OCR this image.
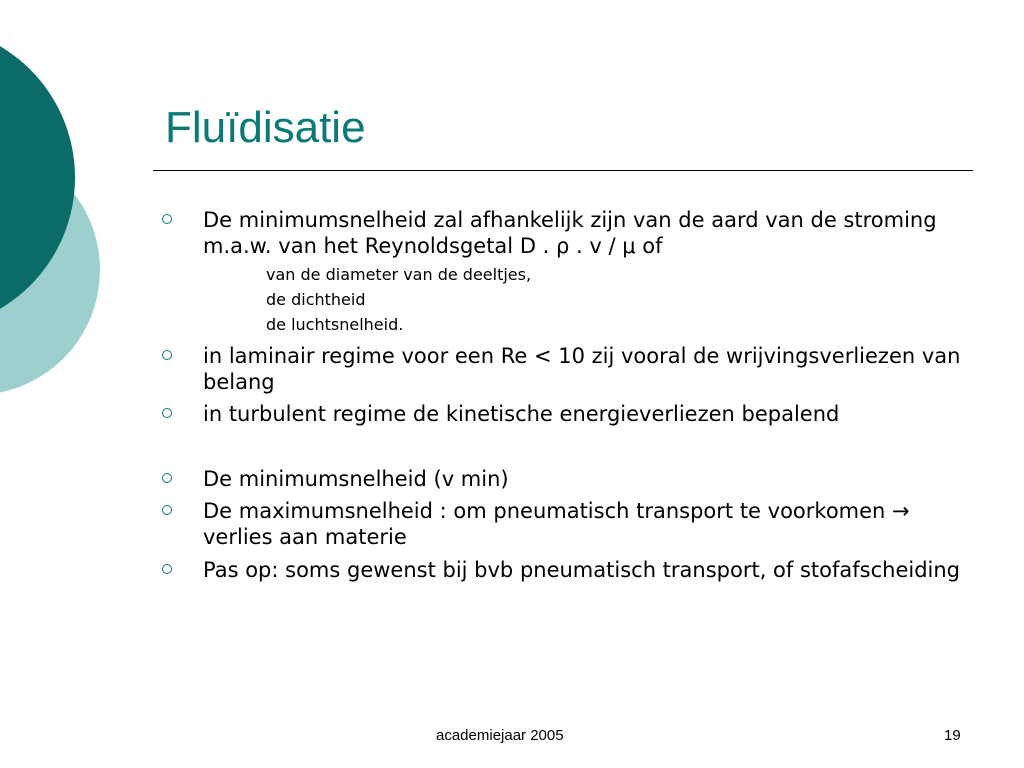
Fluïdisatie
De minimumsnelheid zal afhankelijk zijn van de aard van de stroming m.a.w. van het Reynoldsgetal D . ρ . v / μ of
van de diameter van de deeltjes,
de dichtheid
de luchtsnelheid.
in laminair regime voor een Re < 10 zij vooral de wrijvingsverliezen van belang
in turbulent regime de kinetische energieverliezen bepalend
De minimumsnelheid (v min)
De maximumsnelheid : om pneumatisch transport te voorkomen → verlies aan materie
Pas op: soms gewenst bij bvb pneumatisch transport, of stofafscheiding
academiejaar 2005	19
